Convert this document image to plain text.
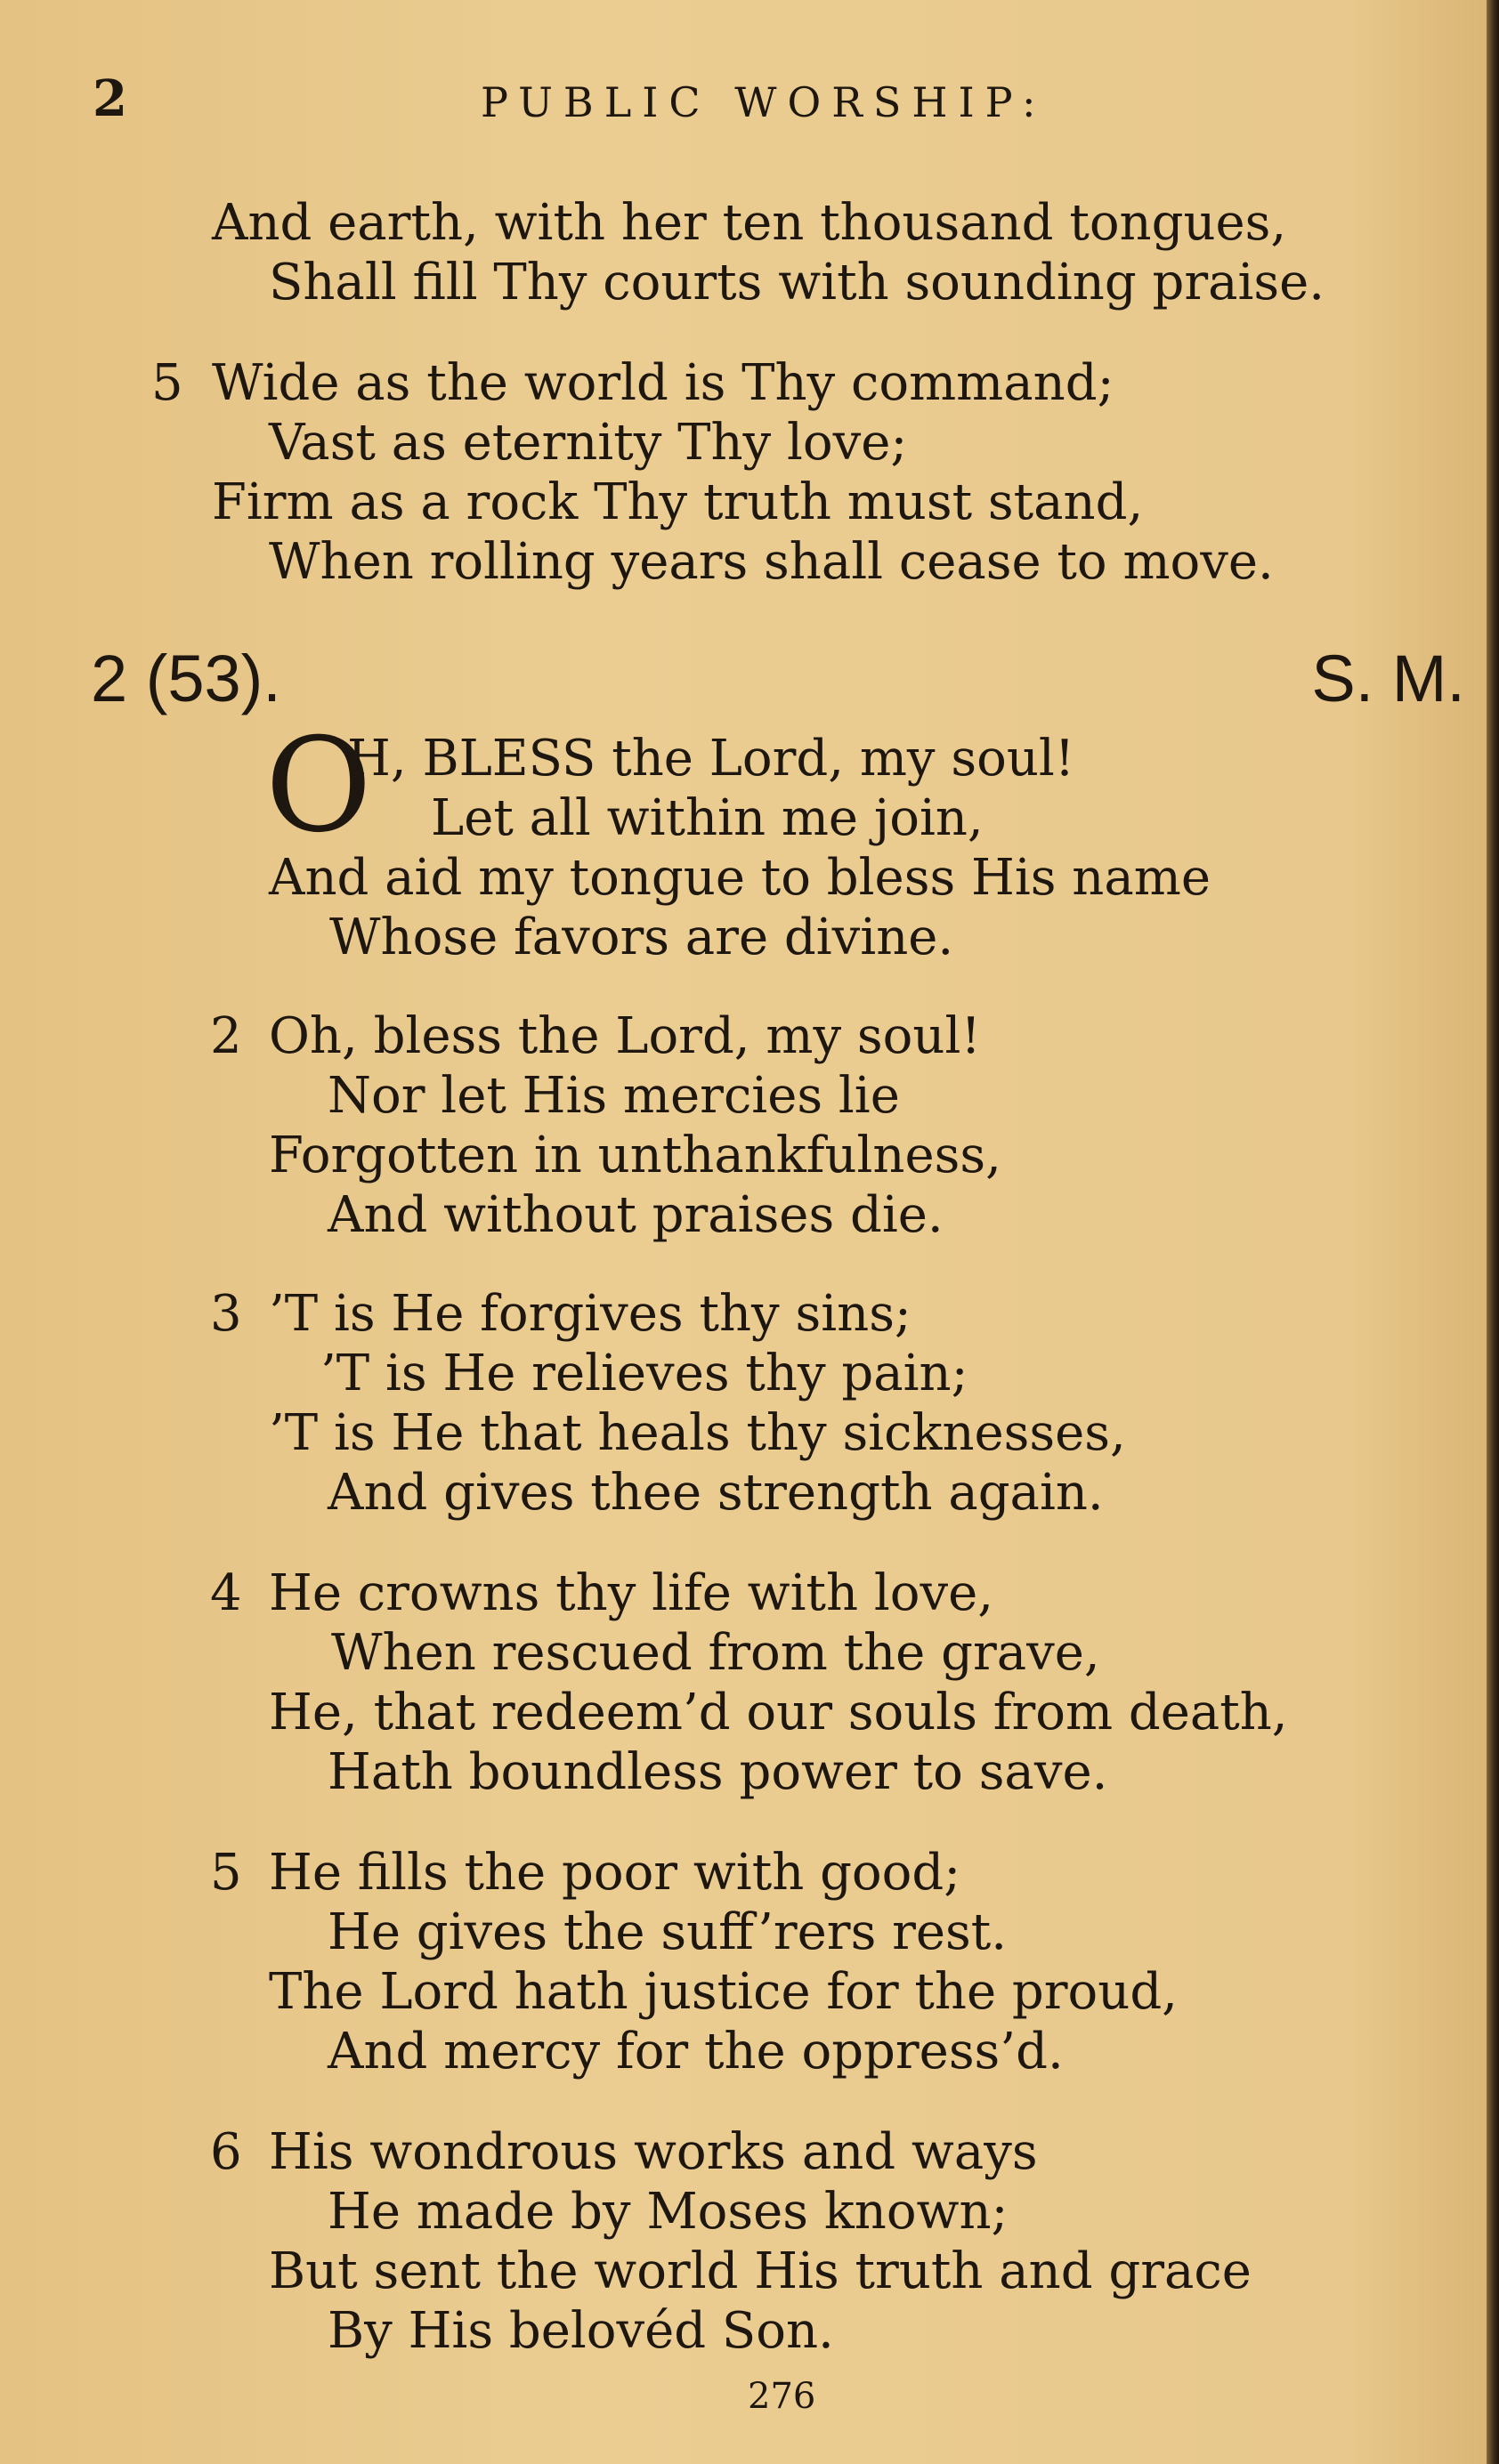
2	PUBLIC WORSHIP:
And earth, with her ten thousand tongues,
Shall fill Thy courts with sounding praise.
5 Wide as the world is Thy command;
Vast as eternity Thy love;
Firm as a rock Thy truth must stand,
When rolling years shall cease to move.
2 (53).	S. M.
O
H, BLESS the Lord, my soul!
Let all within me join,
And aid my tongue to bless His name
Whose favors are divine.
2 Oh, bless the Lord, my soul!
Nor let His mercies lie
Forgotten in unthankfulness,
And without praises die.
3 ’T is He forgives thy sins;
’T is He relieves thy pain;
’T is He that heals thy sicknesses,
And gives thee strength again.
4 He crowns thy life with love,
When rescued from the grave,
He, that redeem’d our souls from death,
Hath boundless power to save.
5 He fills the poor with good;
He gives the suff’rers rest.
The Lord hath justice for the proud,
And mercy for the oppress’d.
6 His wondrous works and ways
He made by Moses known;
But sent the world His truth and grace
By His belovéd Son.
276
